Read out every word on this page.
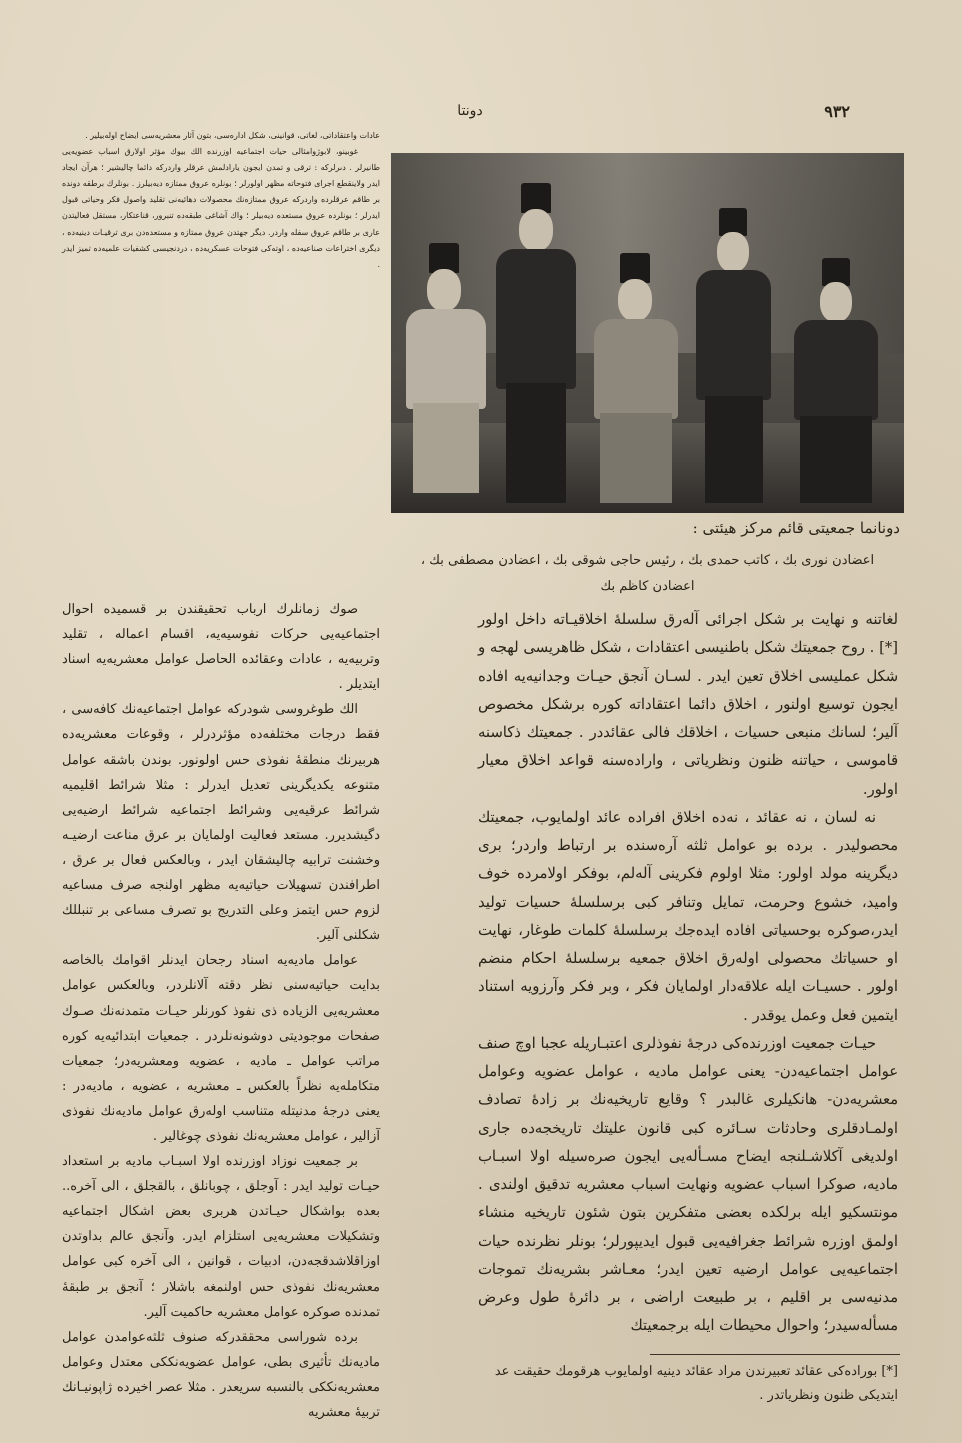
٩٣٢
دونتا

عادات واعتقاداتی، لغاتی، قوانینی، شکل ادارەسی، بتون آثار معشریەسی ایضاح اولەبیلیر .

غوبینو، لابوژوامثالی حیات اجتماعیه اوزرنده الك بیوك مؤثر اولارق اسباب عضویەیی طانیرلر . دىرلركه : ترقی و تمدن ایجون یارادلمش عرقلر واردركه دائما چالیشیر ؛ هرآن ایجاد ایدر ولاینقطع اجرای فتوحاته مظهر اولورلر ؛ بونلره عروق ممتازه دیه‌بیلرز . بونلرك برطقه دونده بر طاقم عرقلرده واردركه عروق ممتازەنك محصولات دهائیەنی تقلید واصول فکر وحیاتی قبول ایدرلر ؛ بونلرده عروق مستعده دیه‌بیلر ؛ واك آشاغی طبقەده تنبرور، قناعتکار، مستقل فعالیتدن عاری بر طاقم عروق سفله واردر. دیگر جهتدن عروق ممتازه و مستعده‌دن بری ترقیـات دینیەده ، دیگری اختراعات صناعیەده ، اوته‌کی فتوحات عسکریەده ، دردنجیسی کشفیات علمیەده تمیز ایدر .

دونانما جمعیتی قائم مرکز هیئتی :
اعضادن نوری بك ، کاتب حمدی بك ، رئیس حاجی شوقی بك ، اعضادن مصطفی بك ،
اعضادن کاظم بك

صوك زمانلرك ارباب تحقیقندن بر قسمیده احوال اجتماعیەیی حرکات نفوسیەیه، اقسام اعماله ، تقلید وتربیەیه ، عادات وعقائده الحاصل عوامل معشریەیه اسناد ایتدیلر .

الك طوغروسی شودركه عوامل اجتماعیەنك کافەسی ، فقط درجات مختلفەده مؤثردرلر ، وقوعات معشریەده هربیرنك منطقۀ نفوذی حس اولونور. بوندن باشقه عوامل متنوعه یکدیگرینی تعدیل ایدرلر : مثلا شرائط اقلیمیه شرائط عرقیەیی وشرائط اجتماعیه شرائط ارضیەیی دگیشدیرر. مستعد فعالیت اولمایان بر عرق مناعت ارضیـه وخشنت ترابیه چالیشقان ایدر ، وبالعکس فعال بر عرق ، اطرافندن تسهیلات حیاتیەیه مظهر اولنجه صرف مساعیه لزوم حس ایتمز وعلی التدریج بو تصرف مساعی بر تنبللك شکلنی آلیر.

عوامل مادیەیه اسناد رجحان ایدنلر اقوامك بالخاصه بدایت حیاتیەسنی نظر دقته آلانلردر، وبالعکس عوامل معشریەیی الزیاده ذی نفوذ کورنلر حیـات متمدنەنك صـوك صفحات موجودیتی دوشونەنلردر . جمعیات ابتدائیەیه کوره مراتب عوامل ـ مادیه ، عضویه ومعشریەدر؛ جمعیات متکاملەیه نظراً بالعکس ـ معشریه ، عضویه ، مادیەدر : یعنی درجۀ مدنیتله متناسب اولەرق عوامل مادیەنك نفوذی آزالیر ، عوامل معشریەنك نفوذی چوغالیر .

بر جمعیت نوزاد اوزرنده اولا اسبـاب مادیه بر استعداد حیـات تولید ایدر : آوجلق ، چوبانلق ، بالقجلق ، الی آخره.. بعده بواشکال حیـاتدن هربری بعض اشکال اجتماعیه وتشکیلات معشریەیی استلزام ایدر. وآنجق عالم بداوتدن اوزاقلاشدقجه‌دن، ادبیات ، قوانین ، الی آخره کبی عوامل معشریەنك نفوذی حس اولنمغه باشلار ؛ آنجق بر طبقۀ تمدنده صوکره عوامل معشریه حاکمیت آلیر.

برده شوراسی محققدرکه صنوف ثلثه‌عوامدن عوامل مادیەنك تأثیری بطی، عوامل عضویەنككی معتدل وعوامل معشریەنككی بالنسبه سریعدر . مثلا عصر اخیرده ژاپونیـانك تربیۀ معشریه

لغاتنه و نهایت بر شکل اجرائی آله‌رق سلسلۀ اخلاقیـاته داخل اولور [*] . روح جمعیتك شکل باطنیسی اعتقادات ، شکل ظاهریسی لهجه و شکل عملیسی اخلاق تعین ایدر . لسـان آنجق حیـات وجدانیەیه افاده ایجون توسیع اولنور ، اخلاق دائما اعتقاداته کوره برشکل مخصوص آلیر؛ لسانك منبعی حسیات ، اخلاقك فالی عقائددر . جمعیتك ذکاسنه قاموسی ، حیاتنه ظنون ونظریاتی ، وارادەسنه قواعد اخلاق معیار اولور.

نه لسان ، نه عقائد ، نه‌ده اخلاق افراده عائد اولمایوب، جمعیتك محصولیدر . برده بو عوامل ثلثه آرەسنده بر ارتباط واردر؛ بری دیگرینه مولد اولور: مثلا اولوم فکرینی آلەلم، بوفکر اولامرده خوف وامید، خشوع وحرمت، تمایل وتنافر کبی برسلسلۀ حسیات تولید ایدر،صوکره بوحسیاتی افاده ایده‌جك برسلسلۀ کلمات طوغار، نهایت او حسیاتك محصولی اوله‌رق اخلاق جمعیه برسلسلۀ احکام منضم اولور . حسیـات ایله علاقەدار اولمایان فکر ، وبر فکر وآرزویه استناد ایتمین فعل وعمل یوقدر .

حیـات جمعیت اوزرنده‌کی درجۀ نفوذلری اعتبـاریله عجبا اوچ صنف عوامل اجتماعیەدن- یعنی عوامل مادیه ، عوامل عضویه وعوامل معشریەدن- هانکیلری غالبدر ؟ وقایع تاریخیەنك بر زادۀ تصادف اولمـادقلری وحادثات سـائره کبی قانون علیتك تاریخجەده جاری اولدیغی آکلاشـلنجه ایضاح مسـألەیی ایجون صرەسیله اولا اسبـاب مادیه، صوکرا اسباب عضویه ونهایت اسباب معشریه تدقیق اولندی . مونتسکیو ایله برلکده بعضی متفکرین بتون شئون تاریخیه منشاء اولمق اوزره شرائط جغرافیەیی قبول ایدیپورلر؛ بونلر نظرنده حیات اجتماعیەیی عوامل ارضیه تعین ایدر؛ معـاشر بشریەنك تموجات مدنیەسی بر اقلیم ، بر طبیعت اراضی ، بر دائرۀ طول وعرض مسألەسیدر؛ واحوال محیطات ایله برجمعیتك

[*] بورادەکی عقائد تعبیرندن مراد عقائد دینیه اولمایوب هرقومك حقیقت عد ایتدیکی ظنون ونظریاتدر .
